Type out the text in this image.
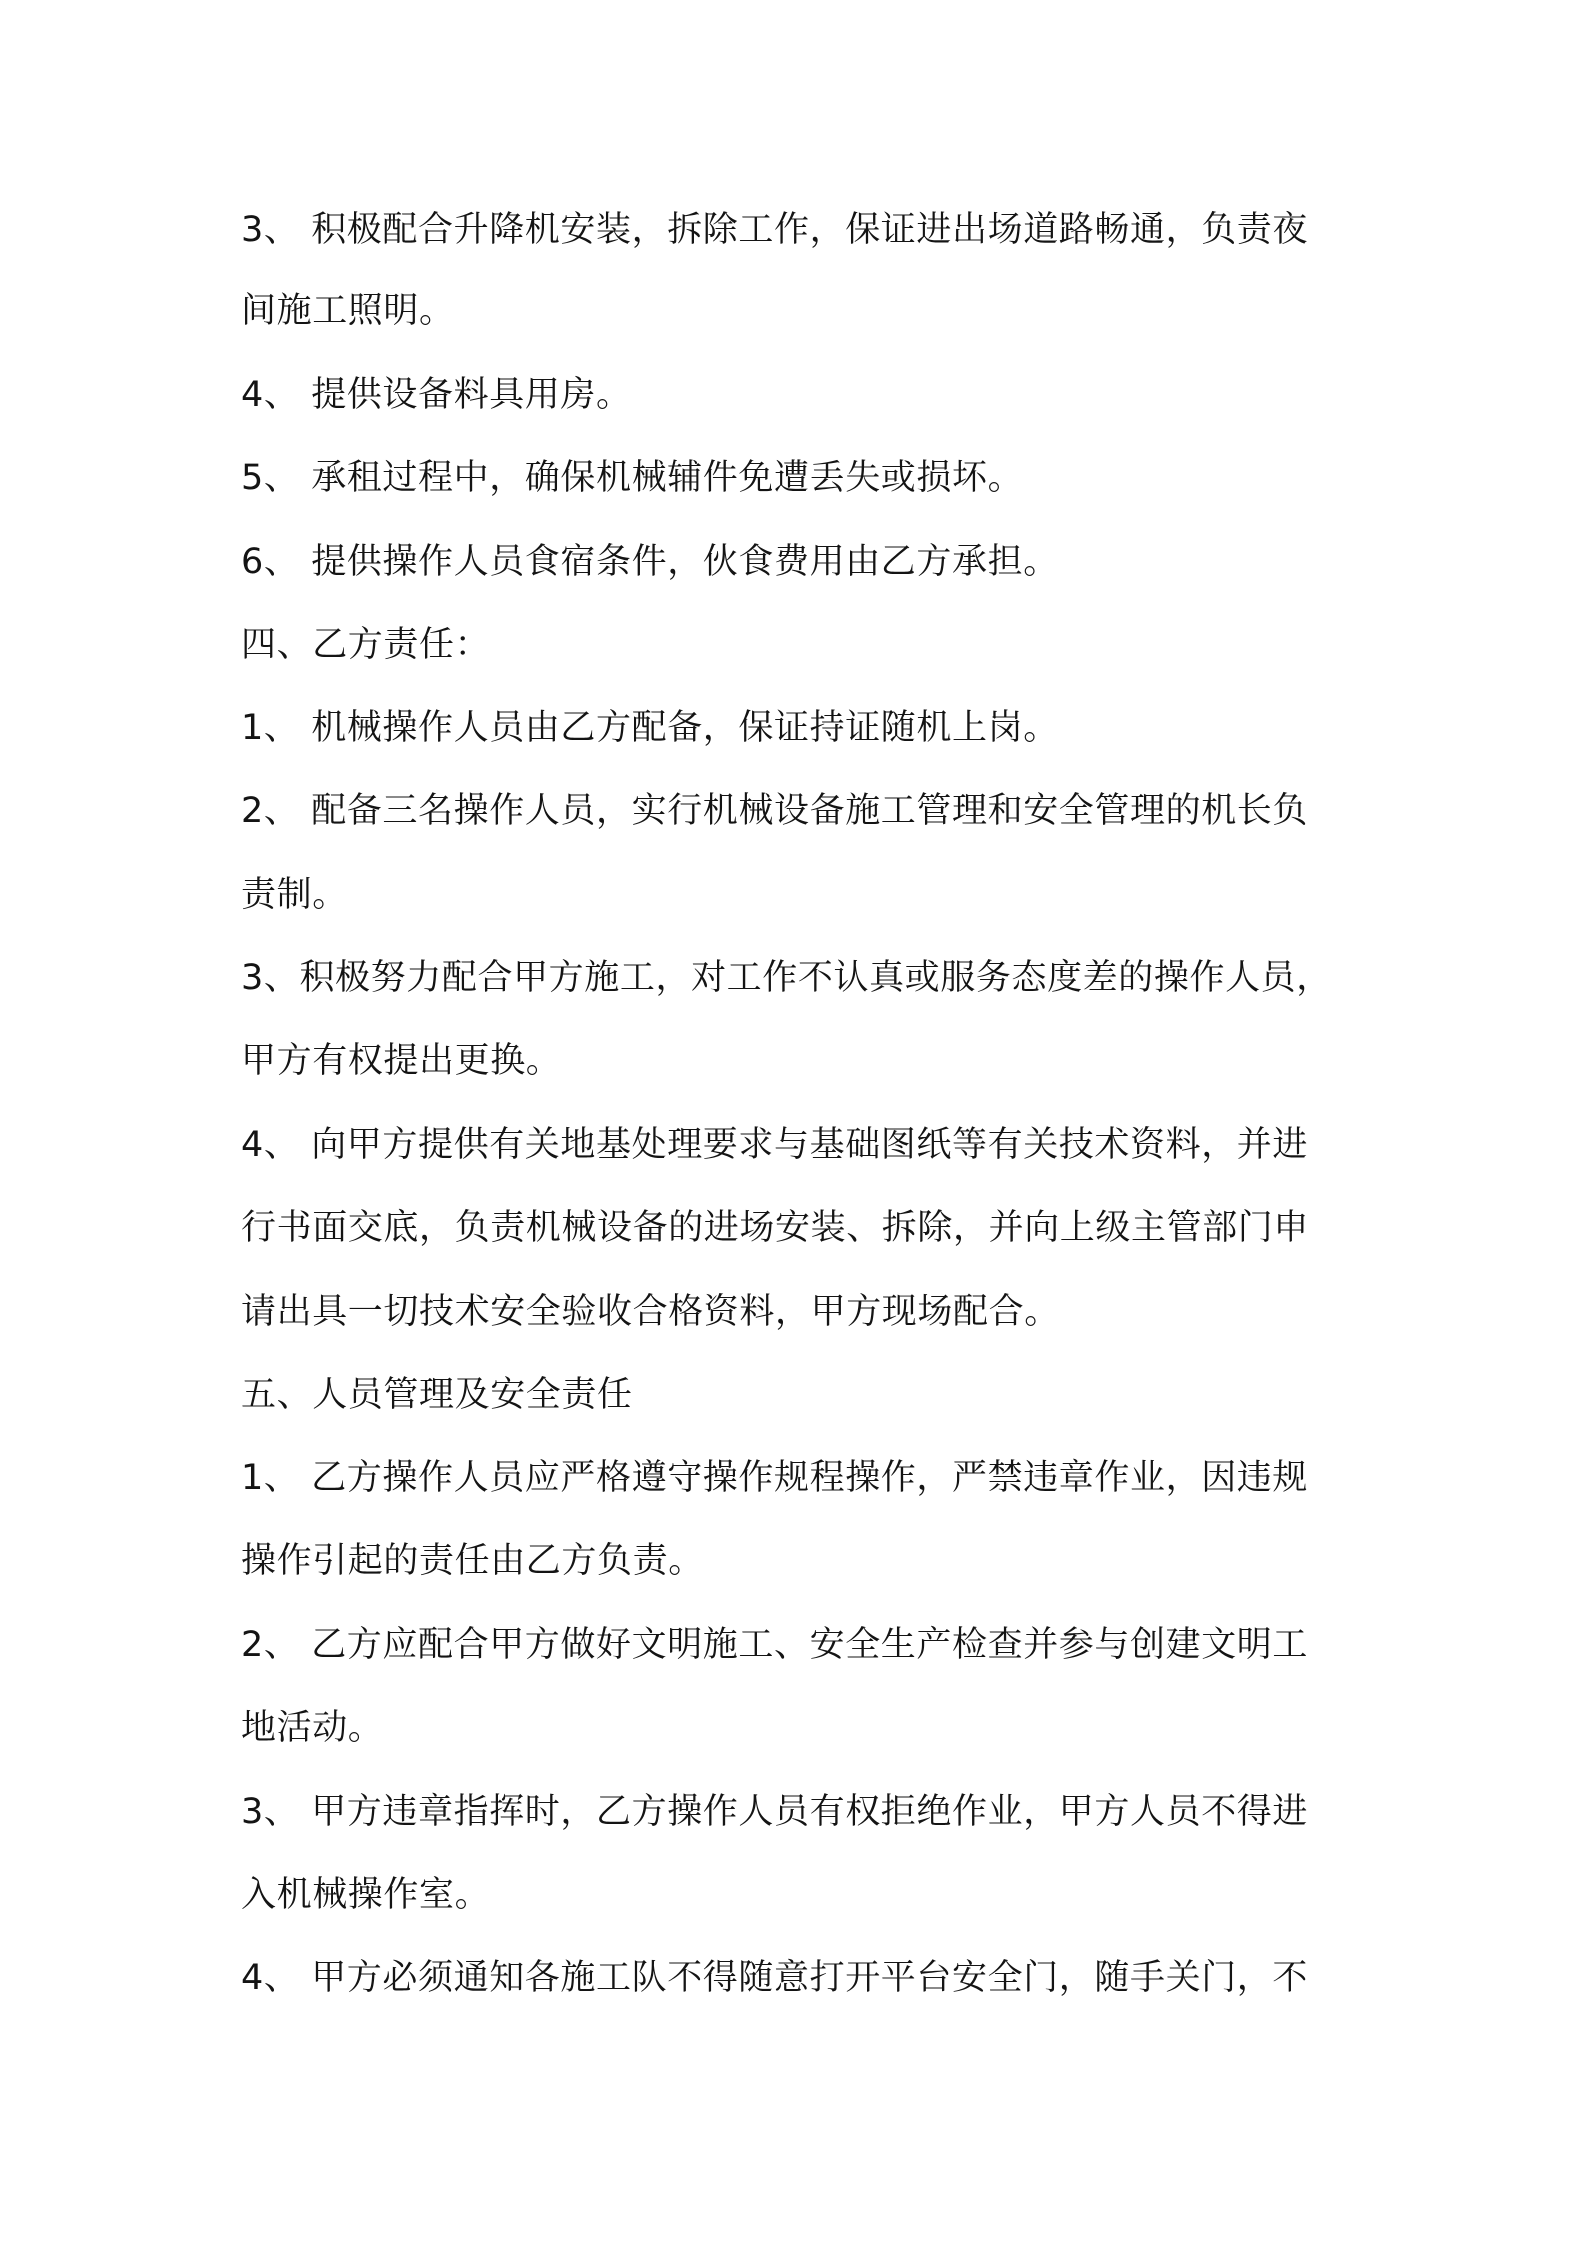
3、 积极配合升降机安装，拆除工作，保证进出场道路畅通，负责夜
间施工照明。
4、 提供设备料具用房。
5、 承租过程中，确保机械辅件免遭丢失或损坏。
6、 提供操作人员食宿条件，伙食费用由乙方承担。
四、乙方责任：
1、 机械操作人员由乙方配备，保证持证随机上岗。
2、 配备三名操作人员，实行机械设备施工管理和安全管理的机长负
责制。
3、积极努力配合甲方施工，对工作不认真或服务态度差的操作人员，
甲方有权提出更换。
4、 向甲方提供有关地基处理要求与基础图纸等有关技术资料，并进
行书面交底，负责机械设备的进场安装、拆除，并向上级主管部门申
请出具一切技术安全验收合格资料，甲方现场配合。
五、人员管理及安全责任
1、 乙方操作人员应严格遵守操作规程操作，严禁违章作业，因违规
操作引起的责任由乙方负责。
2、 乙方应配合甲方做好文明施工、安全生产检查并参与创建文明工
地活动。
3、 甲方违章指挥时，乙方操作人员有权拒绝作业，甲方人员不得进
入机械操作室。
4、 甲方必须通知各施工队不得随意打开平台安全门，随手关门，不
